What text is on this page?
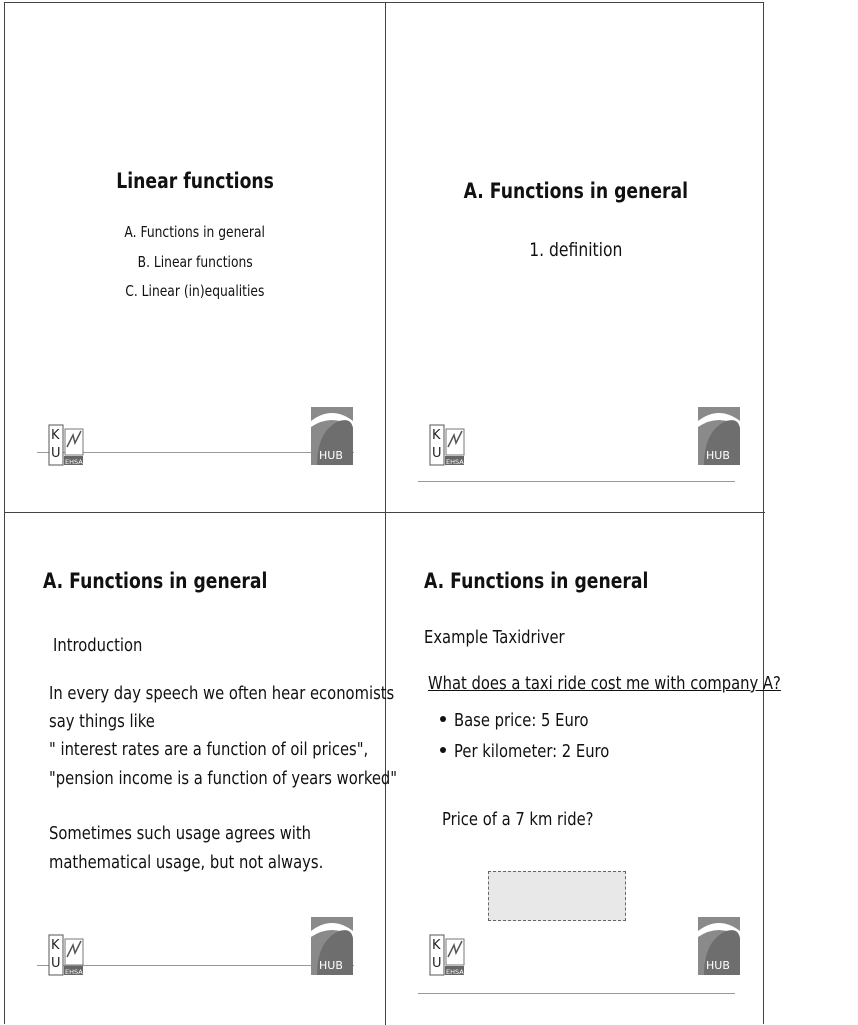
Linear functions
A. Functions in general
B. Linear functions
C. Linear (in)equalities
K
U
EHSAL	HUB
A. Functions in general
1. definition
K
U
EHSAL	HUB
A. Functions in general
Introduction
In every day speech we often hear economists
say things like
" interest rates are a function of oil prices",
"pension income is a function of years worked"
Sometimes such usage agrees with
mathematical usage, but not always.
K
U
EHSAL	HUB
A. Functions in general
Example Taxidriver
What does a taxi ride cost me with company A?
Base price: 5 Euro
Per kilometer: 2 Euro
Price of a 7 km ride?
K
U
EHSAL	HUB
